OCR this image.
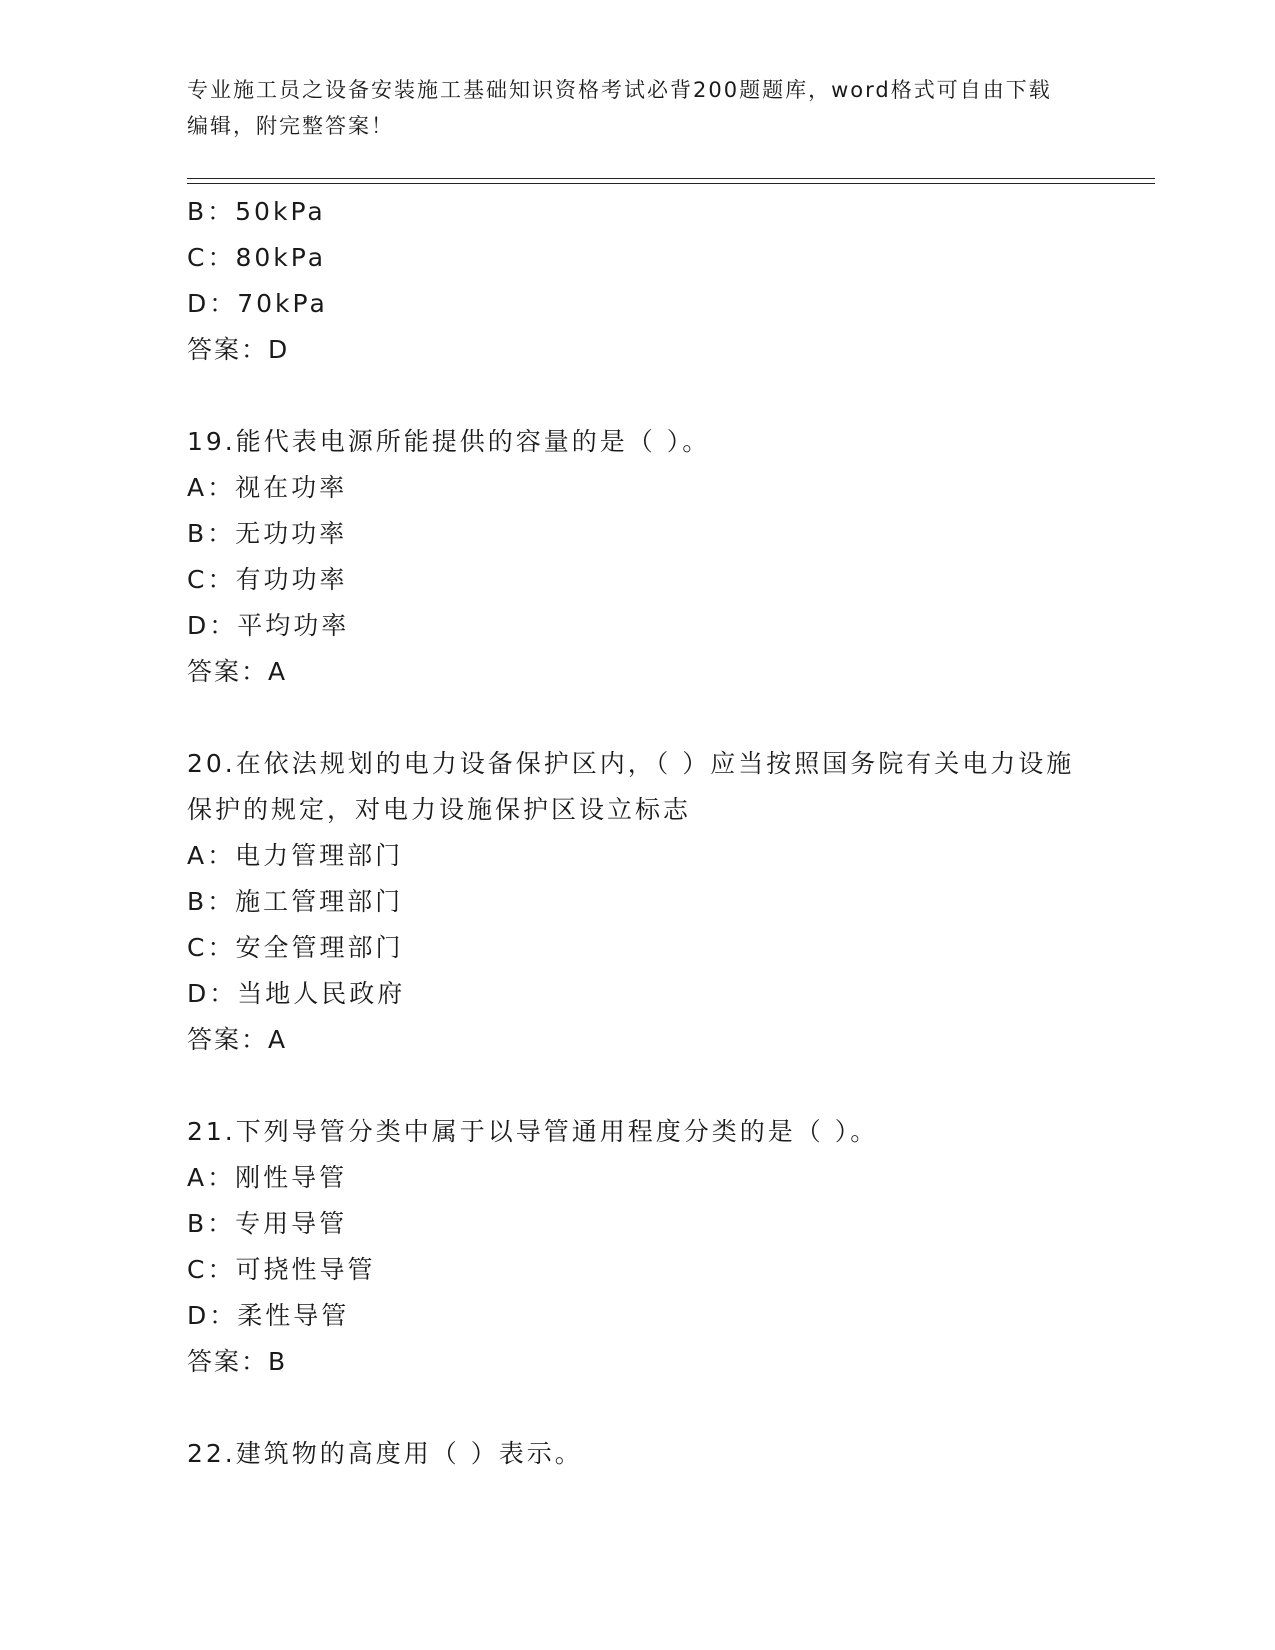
专业施工员之设备安装施工基础知识资格考试必背200题题库，word格式可自由下载编辑，附完整答案！
B：50kPa
C：80kPa
D：70kPa
答案：D
19.能代表电源所能提供的容量的是（ ）。
A：视在功率
B：无功功率
C：有功功率
D：平均功率
答案：A
20.在依法规划的电力设备保护区内，（ ）应当按照国务院有关电力设施保护的规定，对电力设施保护区设立标志
A：电力管理部门
B：施工管理部门
C：安全管理部门
D：当地人民政府
答案：A
21.下列导管分类中属于以导管通用程度分类的是（ ）。
A：刚性导管
B：专用导管
C：可挠性导管
D：柔性导管
答案：B
22.建筑物的高度用（ ）表示。
